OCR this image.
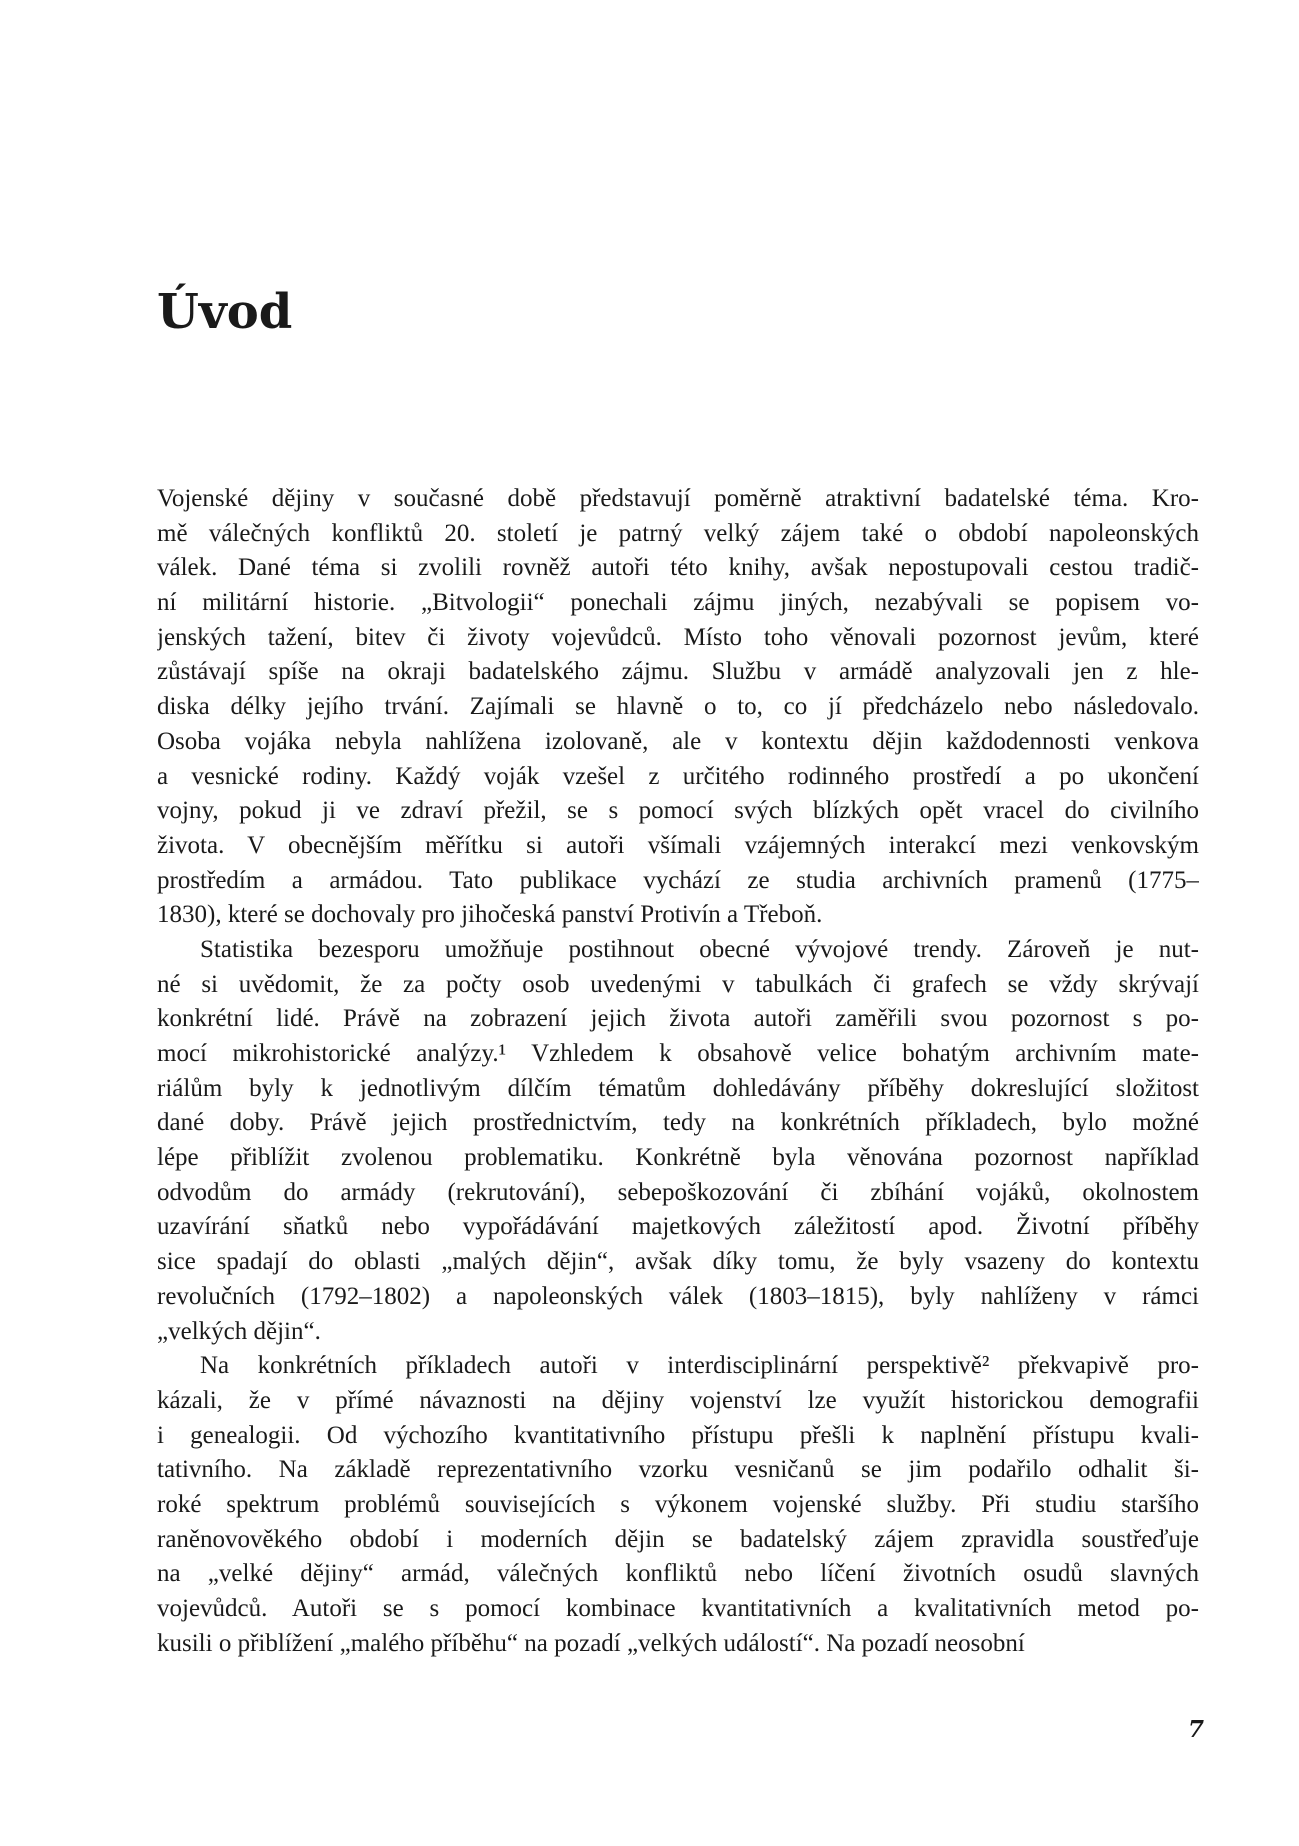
Úvod
Vojenské dějiny v současné době představují poměrně atraktivní badatelské téma. Kro-
mě válečných konfliktů 20. století je patrný velký zájem také o období napoleonských
válek. Dané téma si zvolili rovněž autoři této knihy, avšak nepostupovali cestou tradič-
ní militární historie. „Bitvologii“ ponechali zájmu jiných, nezabývali se popisem vo-
jenských tažení, bitev či životy vojevůdců. Místo toho věnovali pozornost jevům, které
zůstávají spíše na okraji badatelského zájmu. Službu v armádě analyzovali jen z hle-
diska délky jejího trvání. Zajímali se hlavně o to, co jí předcházelo nebo následovalo.
Osoba vojáka nebyla nahlížena izolovaně, ale v kontextu dějin každodennosti venkova
a vesnické rodiny. Každý voják vzešel z určitého rodinného prostředí a po ukončení
vojny, pokud ji ve zdraví přežil, se s pomocí svých blízkých opět vracel do civilního
života. V obecnějším měřítku si autoři všímali vzájemných interakcí mezi venkovským
prostředím a armádou. Tato publikace vychází ze studia archivních pramenů (1775–
1830), které se dochovaly pro jihočeská panství Protivín a Třeboň.
Statistika bezesporu umožňuje postihnout obecné vývojové trendy. Zároveň je nut-
né si uvědomit, že za počty osob uvedenými v tabulkách či grafech se vždy skrývají
konkrétní lidé. Právě na zobrazení jejich života autoři zaměřili svou pozornost s po-
mocí mikrohistorické analýzy.¹ Vzhledem k obsahově velice bohatým archivním mate-
riálům byly k jednotlivým dílčím tématům dohledávány příběhy dokreslující složitost
dané doby. Právě jejich prostřednictvím, tedy na konkrétních příkladech, bylo možné
lépe přiblížit zvolenou problematiku. Konkrétně byla věnována pozornost například
odvodům do armády (rekrutování), sebepoškozování či zbíhání vojáků, okolnostem
uzavírání sňatků nebo vypořádávání majetkových záležitostí apod. Životní příběhy
sice spadají do oblasti „malých dějin“, avšak díky tomu, že byly vsazeny do kontextu
revolučních (1792–1802) a napoleonských válek (1803–1815), byly nahlíženy v rámci
„velkých dějin“.
Na konkrétních příkladech autoři v interdisciplinární perspektivě² překvapivě pro-
kázali, že v přímé návaznosti na dějiny vojenství lze využít historickou demografii
i genealogii. Od výchozího kvantitativního přístupu přešli k naplnění přístupu kvali-
tativního. Na základě reprezentativního vzorku vesničanů se jim podařilo odhalit ši-
roké spektrum problémů souvisejících s výkonem vojenské služby. Při studiu staršího
raněnovověkého období i moderních dějin se badatelský zájem zpravidla soustřeďuje
na „velké dějiny“ armád, válečných konfliktů nebo líčení životních osudů slavných
vojevůdců. Autoři se s pomocí kombinace kvantitativních a kvalitativních metod po-
kusili o přiblížení „malého příběhu“ na pozadí „velkých událostí“. Na pozadí neosobní
7
